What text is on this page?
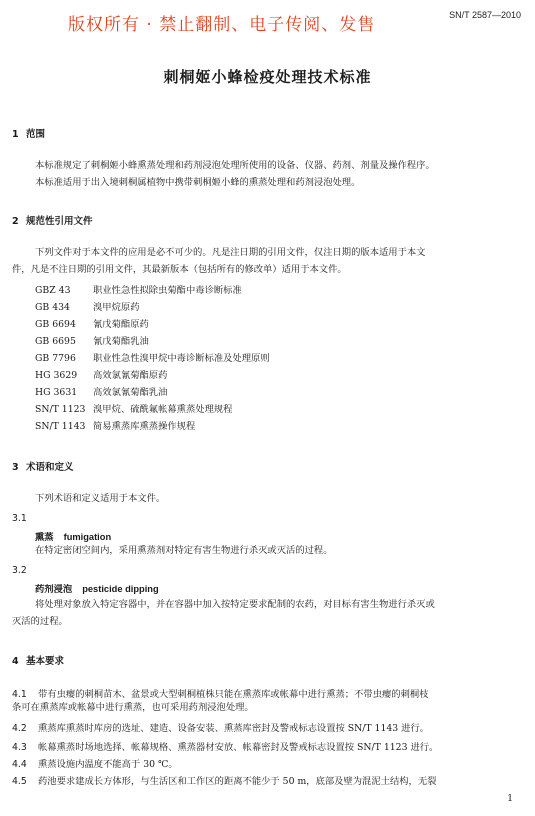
版权所有 · 禁止翻制、电子传阅、发售	SN/T 2587—2010
刺桐姬小蜂检疫处理技术标准
1 范围
本标准规定了刺桐姬小蜂熏蒸处理和药剂浸泡处理所使用的设备、仪器、药剂、剂量及操作程序。
本标准适用于出入境刺桐属植物中携带刺桐姬小蜂的熏蒸处理和药剂浸泡处理。
2 规范性引用文件
下列文件对于本文件的应用是必不可少的。凡是注日期的引用文件，仅注日期的版本适用于本文
件，凡是不注日期的引用文件，其最新版本（包括所有的修改单）适用于本文件。
GBZ 43 职业性急性拟除虫菊酯中毒诊断标准
GB 434 溴甲烷原药
GB 6694 氰戊菊酯原药
GB 6695 氰戊菊酯乳油
GB 7796 职业性急性溴甲烷中毒诊断标准及处理原则
HG 3629 高效氯氰菊酯原药
HG 3631 高效氯氰菊酯乳油
SN/T 1123 溴甲烷、硫酰氟帐幕熏蒸处理规程
SN/T 1143 简易熏蒸库熏蒸操作规程
3 术语和定义
下列术语和定义适用于本文件。
3.1
熏蒸 fumigation
在特定密闭空间内，采用熏蒸剂对特定有害生物进行杀灭或灭活的过程。
3.2
药剂浸泡 pesticide dipping
将处理对象放入特定容器中，并在容器中加入按特定要求配制的农药，对目标有害生物进行杀灭或
灭活的过程。
4 基本要求
4.1 带有虫瘿的刺桐苗木、盆景或大型刺桐植株只能在熏蒸库或帐幕中进行熏蒸；不带虫瘿的刺桐枝
条可在熏蒸库或帐幕中进行熏蒸，也可采用药剂浸泡处理。
4.2 熏蒸库熏蒸时库房的选址、建造、设备安装、熏蒸库密封及警戒标志设置按 SN/T 1143 进行。
4.3 帐幕熏蒸时场地选择、帐幕规格、熏蒸器材安放、帐幕密封及警戒标志设置按 SN/T 1123 进行。
4.4 熏蒸设施内温度不能高于 30 ℃。
4.5 药池要求建成长方体形，与生活区和工作区的距离不能少于 50 m，底部及壁为混泥土结构，无裂
1
